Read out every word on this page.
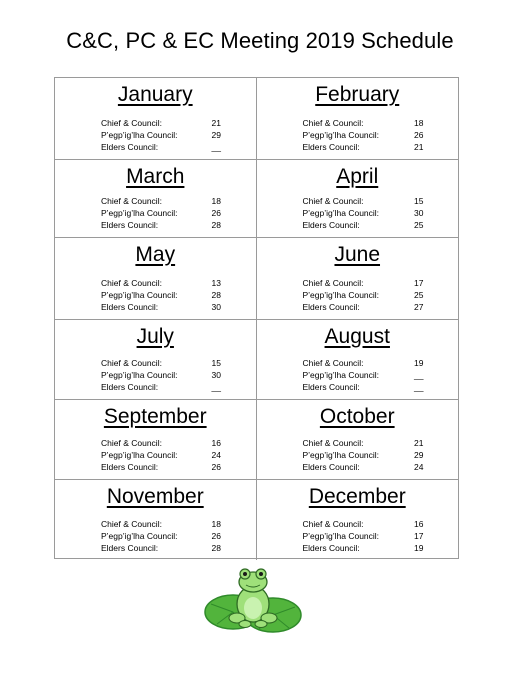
C&C, PC & EC Meeting 2019 Schedule
January
Chief & Council:	21
P’egp’ig’lha Council:	29
Elders Council:	__
February
Chief & Council:	18
P’egp’ig’lha Council:	26
Elders Council:	21
March
Chief & Council:	18
P’egp’ig’lha Council:	26
Elders Council:	28
April
Chief & Council:	15
P’egp’ig’lha Council:	30
Elders Council:	25
May
Chief & Council:	13
P’egp’ig’lha Council:	28
Elders Council:	30
June
Chief & Council:	17
P’egp’ig’lha Council:	25
Elders Council:	27
July
Chief & Council:	15
P’egp’ig’lha Council:	30
Elders Council:	__
August
Chief & Council:	19
P’egp’ig’lha Council:	__
Elders Council:	__
September
Chief & Council:	16
P’egp’ig’lha Council:	24
Elders Council:	26
October
Chief & Council:	21
P’egp’ig’lha Council:	29
Elders Council:	24
November
Chief & Council:	18
P’egp’ig’lha Council:	26
Elders Council:	28
December
Chief & Council:	16
P’egp’ig’lha Council:	17
Elders Council:	19
